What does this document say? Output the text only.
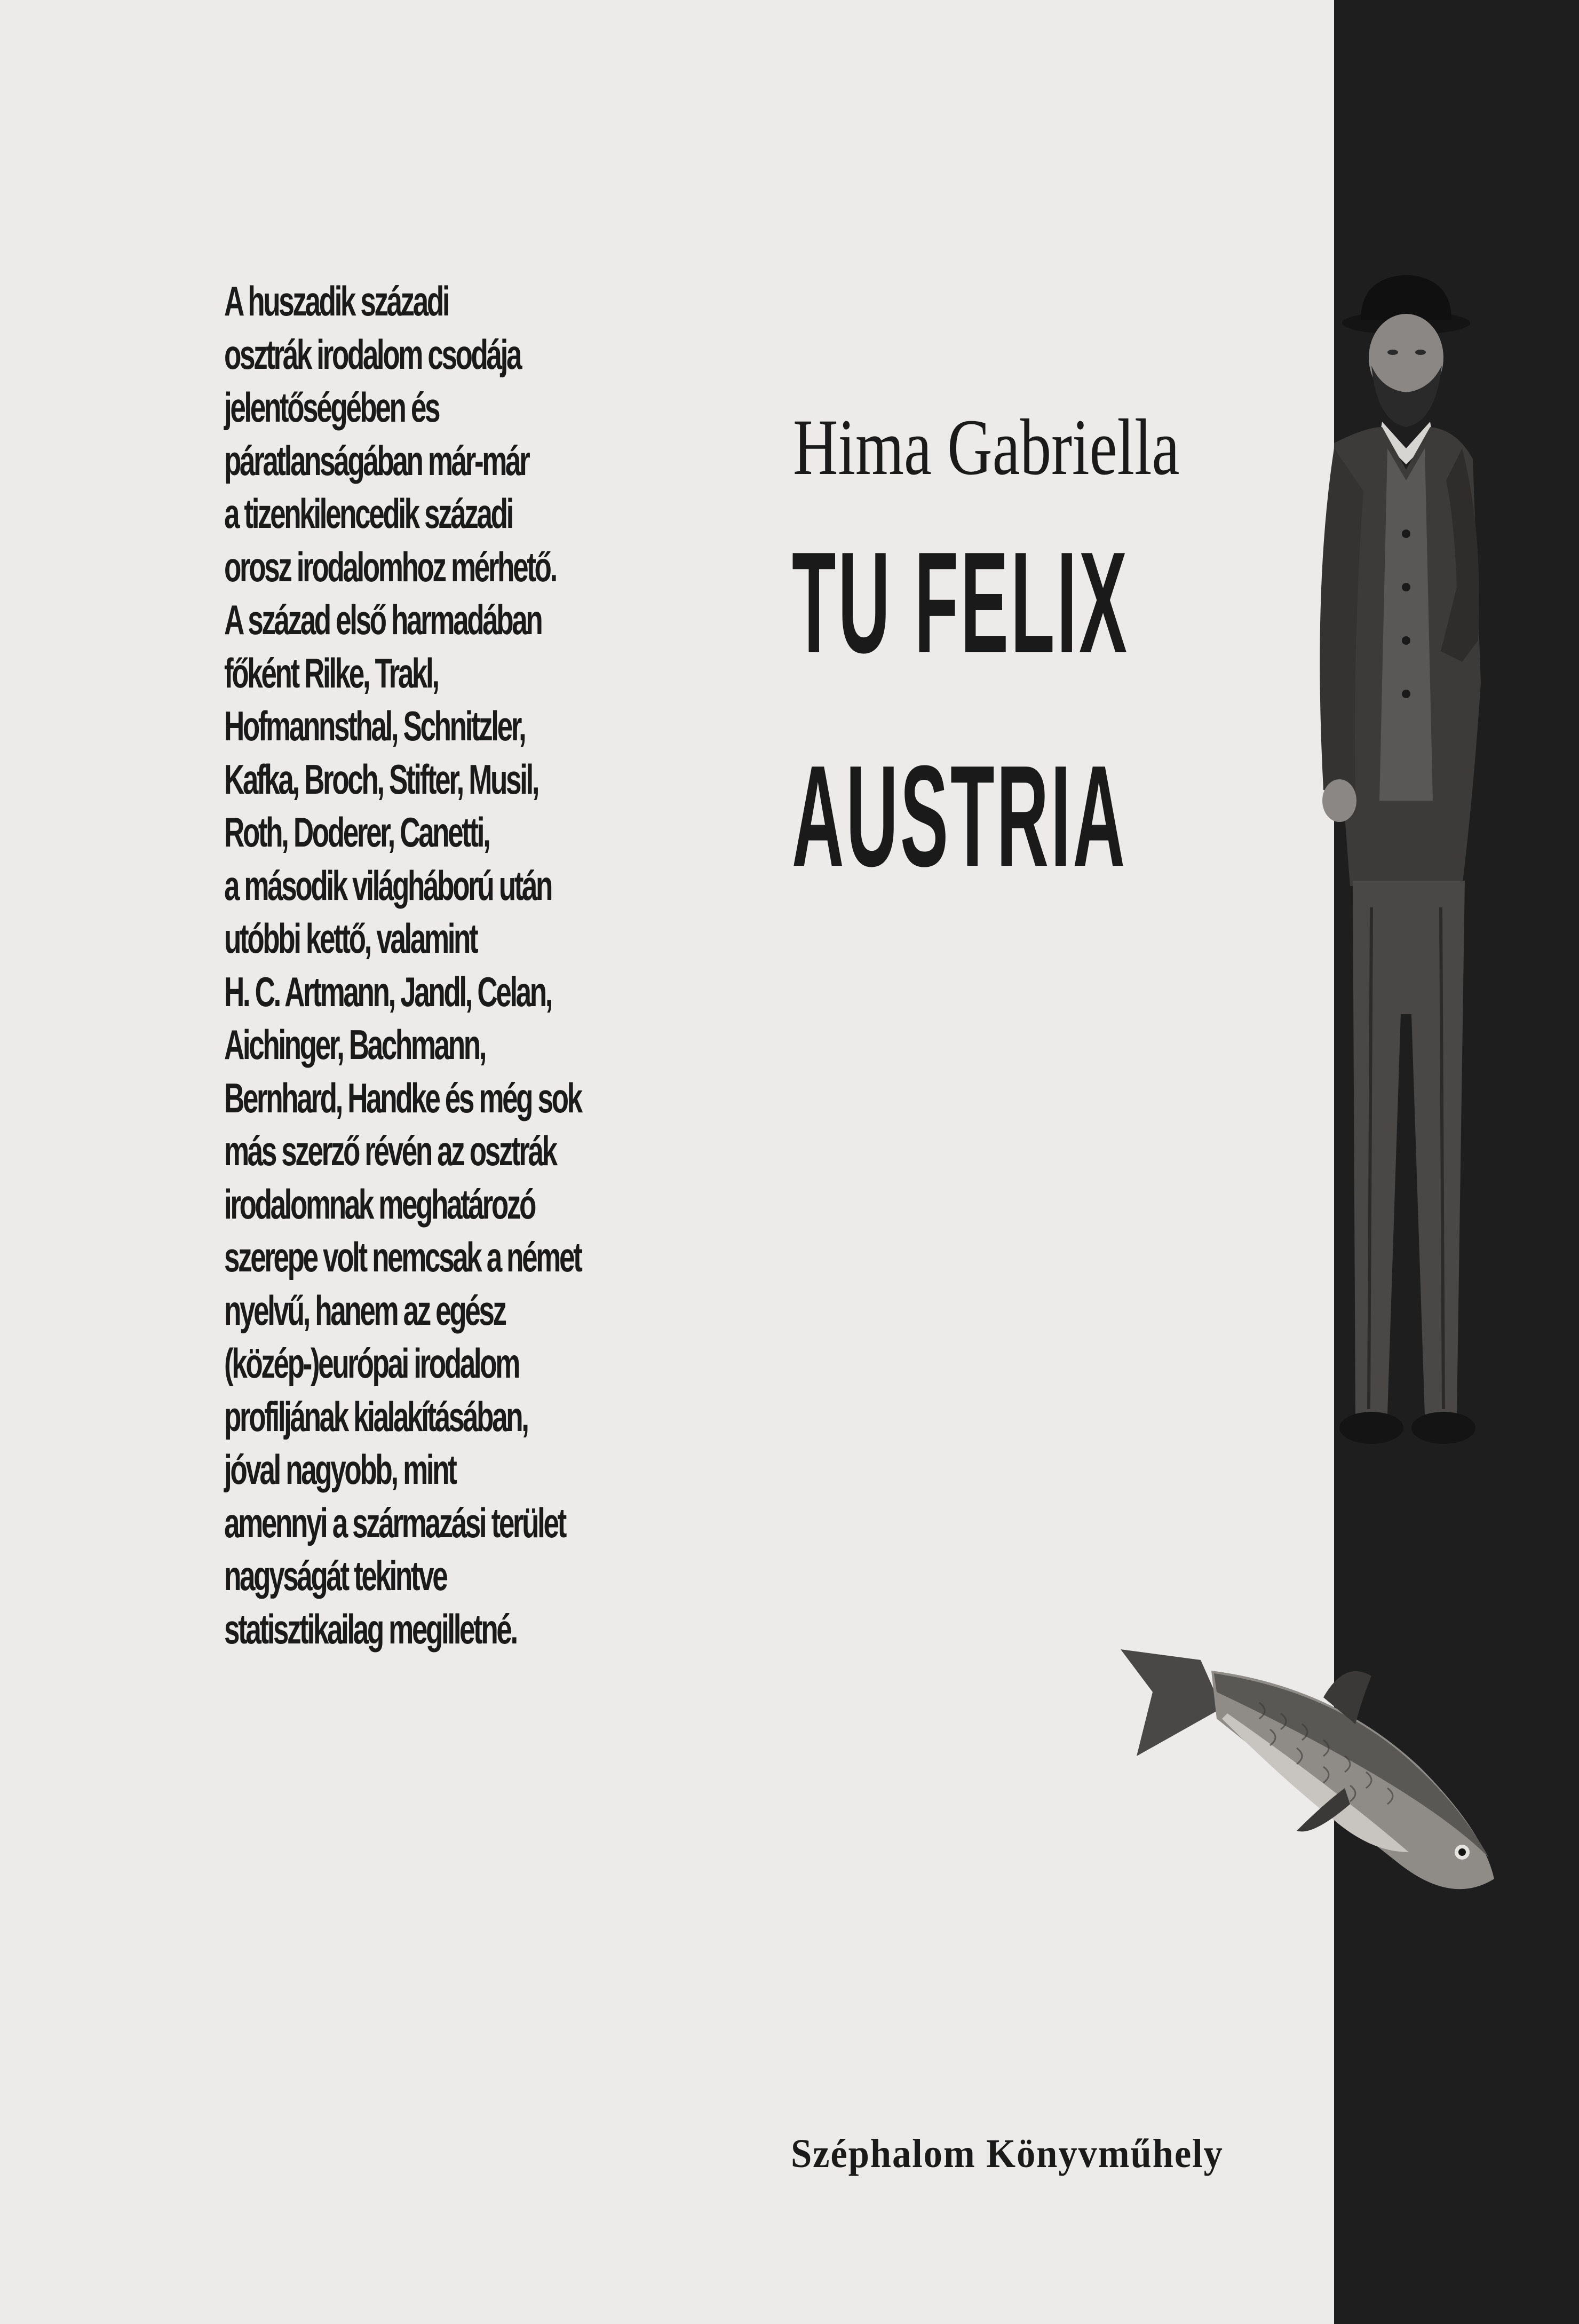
A huszadik századi
osztrák irodalom csodája
jelentőségében és
páratlanságában már-már
a tizenkilencedik századi
orosz irodalomhoz mérhető.
A század első harmadában
főként Rilke, Trakl,
Hofmannsthal, Schnitzler,
Kafka, Broch, Stifter, Musil,
Roth, Doderer, Canetti,
a második világháború után
utóbbi kettő, valamint
H. C. Artmann, Jandl, Celan,
Aichinger, Bachmann,
Bernhard, Handke és még sok
más szerző révén az osztrák
irodalomnak meghatározó
szerepe volt nemcsak a német
nyelvű, hanem az egész
(közép-)európai irodalom
profiljának kialakításában,
jóval nagyobb, mint
amennyi a származási terület
nagyságát tekintve
statisztikailag megilletné.
Hima Gabriella
TU FELIX
AUSTRIA
Széphalom Könyvműhely
